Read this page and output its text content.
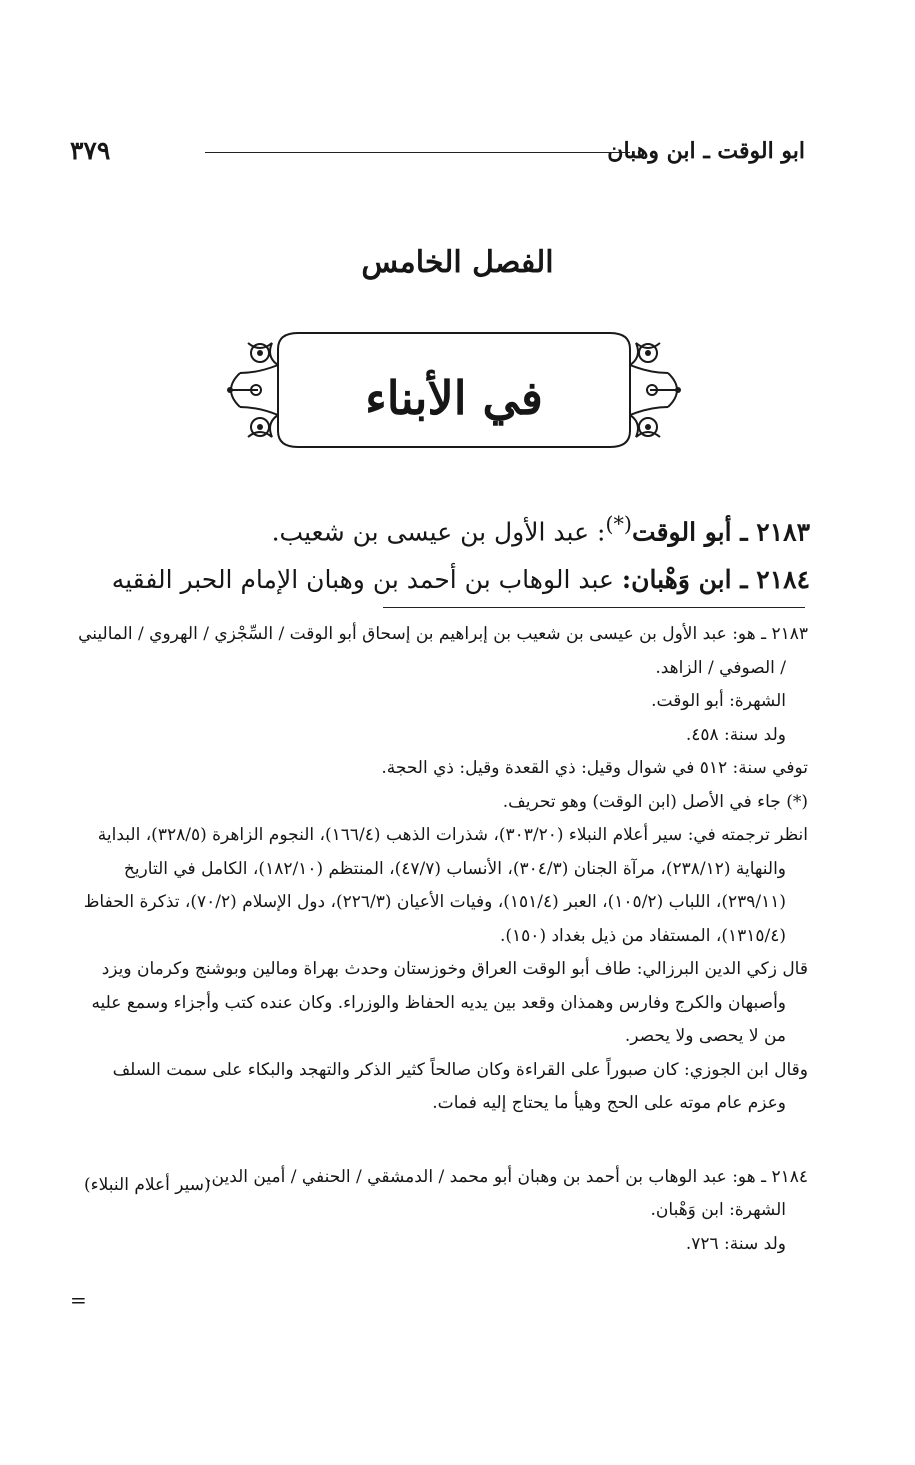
ابو الوقت ـ ابن وهبان
٣٧٩
الفصل الخامس
في الأبناء
٢١٨٣ ـ أبو الوقت(*): عبد الأول بن عيسى بن شعيب.
٢١٨٤ ـ ابن وَهْبان: عبد الوهاب بن أحمد بن وهبان الإمام الحبر الفقيه

٢١٨٣ ـ هو: عبد الأول بن عيسى بن شعيب بن إبراهيم بن إسحاق أبو الوقت / السِّجْزي / الهروي / الماليني / الصوفي / الزاهد.

الشهرة: أبو الوقت.

ولد سنة: ٤٥٨.

توفي سنة: ٥١٢ في شوال وقيل: ذي القعدة وقيل: ذي الحجة.

(*) جاء في الأصل (ابن الوقت) وهو تحريف.

انظر ترجمته في: سير أعلام النبلاء (٣٠٣/٢٠)، شذرات الذهب (١٦٦/٤)، النجوم الزاهرة (٣٢٨/٥)، البداية والنهاية (٢٣٨/١٢)، مرآة الجنان (٣٠٤/٣)، الأنساب (٤٧/٧)، المنتظم (١٨٢/١٠)، الكامل في التاريخ (٢٣٩/١١)، اللباب (١٠٥/٢)، العبر (١٥١/٤)، وفيات الأعيان (٢٢٦/٣)، دول الإسلام (٧٠/٢)، تذكرة الحفاظ (١٣١٥/٤)، المستفاد من ذيل بغداد (١٥٠).

قال زكي الدين البرزالي: طاف أبو الوقت العراق وخوزستان وحدث بهراة ومالين وبوشنج وكرمان ويزد وأصبهان والكرج وفارس وهمذان وقعد بين يديه الحفاظ والوزراء. وكان عنده كتب وأجزاء وسمع عليه من لا يحصى ولا يحصر.

وقال ابن الجوزي: كان صبوراً على القراءة وكان صالحاً كثير الذكر والتهجد والبكاء على سمت السلف وعزم عام موته على الحج وهيأ ما يحتاج إليه فمات.

٢١٨٤ ـ هو: عبد الوهاب بن أحمد بن وهبان أبو محمد / الدمشقي / الحنفي / أمين الدين.

الشهرة: ابن وَهْبان.

ولد سنة: ٧٢٦.

(سير أعلام النبلاء)
=
